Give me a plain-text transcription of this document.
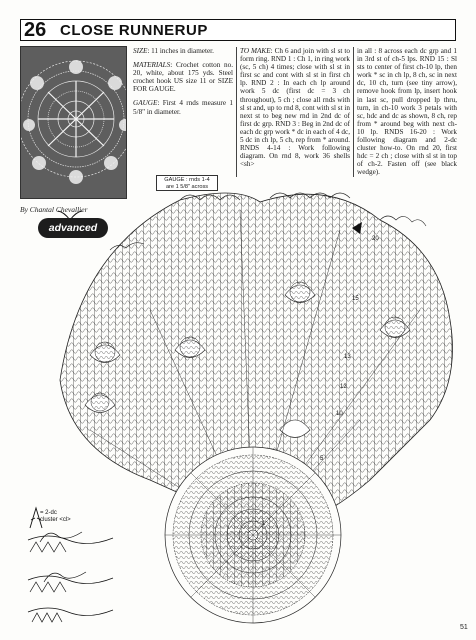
26 CLOSE RUNNERUP
By Chantal Chevallier

SIZE: 11 inches in diameter.

MATERIALS: Crochet cotton no. 20, white, about 175 yds. Steel crochet hook US size 11 or SIZE FOR GAUGE.

GAUGE: First 4 rnds measure 1 5/8" in diameter.

TO MAKE: Ch 6 and join with sl st to form ring. RND 1 : Ch 1, in ring work (sc, 5 ch) 4 times; close with sl st in first sc and cont with sl st in first ch lp. RND 2 : In each ch lp around work 5 dc (first dc = 3 ch throughout), 5 ch ; close all rnds with sl st and, up to rnd 8, cont with sl st in next st to beg new rnd in 2nd dc of first dc grp. RND 3 : Beg in 2nd dc of each dc grp work * dc in each of 4 dc, 5 dc in ch lp, 5 ch, rep from * around. RNDS 4-14 : Work following diagram. On rnd 8, work 36 shells <sh>

in all : 8 across each dc grp and 1 in 3rd st of ch-5 lps. RND 15 : Sl sts to center of first ch-10 lp, then work * sc in ch lp, 8 ch, sc in next dc, 10 ch, turn (see tiny arrow), remove hook from lp, insert hook in last sc, pull dropped lp thru, turn, in ch-10 work 3 petals with sc, hdc and dc as shown, 8 ch, rep from * around beg with next ch-10 lp. RNDS 16-20 : Work following diagram and 2-dc cluster how-to. On rnd 20, first hdc = 2 ch ; close with sl st in top of ch-2. Fasten off (see black wedge).

GAUGE : rnds 1-4
are 1 5/8" across
advanced
20
15
13
12
10
5
1
= 2-dc
cluster <cl>
51
